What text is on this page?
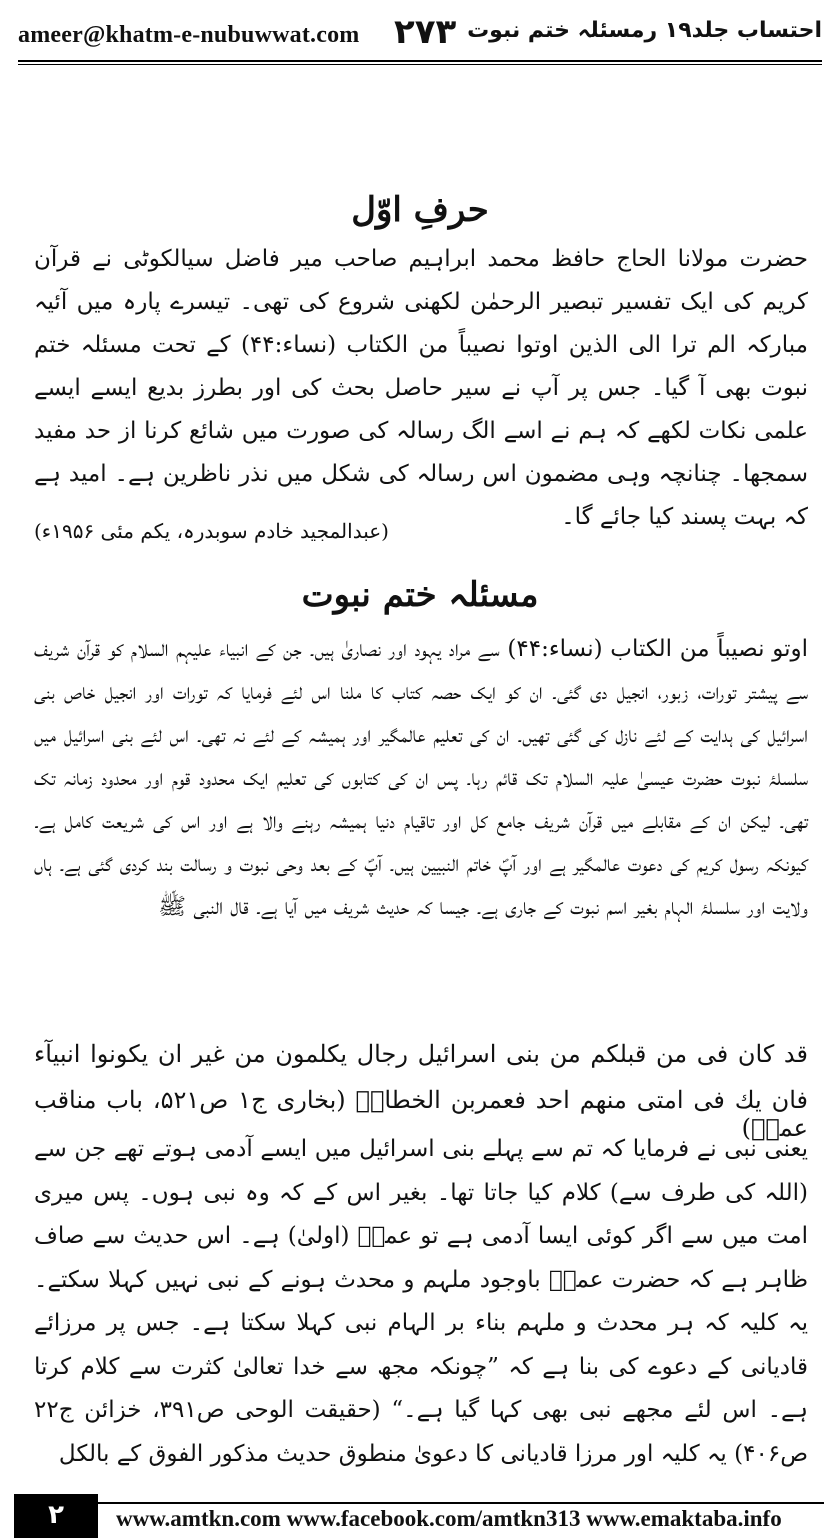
ameer@khatm-e-nubuwwat.com ۲۷۳ احتساب جلد۱۹ رمسئلہ ختم نبوت
حرفِ اوّل
حضرت مولانا الحاج حافظ محمد ابراہیم صاحب میر فاضل سیالکوٹی نے قرآن کریم کی ایک تفسیر تبصیر الرحمٰن لکھنی شروع کی تھی۔ تیسرے پارہ میں آئیہ مبارکہ الم ترا الی الذین اوتوا نصیباً من الکتاب (نساء:۴۴) کے تحت مسئلہ ختم نبوت بھی آ گیا۔ جس پر آپ نے سیر حاصل بحث کی اور بطرز بدیع ایسے ایسے علمی نکات لکھے کہ ہم نے اسے الگ رسالہ کی صورت میں شائع کرنا از حد مفید سمجھا۔ چنانچہ وہی مضمون اس رسالہ کی شکل میں نذر ناظرین ہے۔ امید ہے کہ بہت پسند کیا جائے گا۔
(عبدالمجید خادم سوبدرہ، یکم مئی ۱۹۵۶ء)
مسئلہ ختم نبوت
اوتو نصیباً من الکتاب (نساء:۴۴) سے مراد یہود اور نصاریٰ ہیں۔ جن کے انبیاء علیہم السلام کو قرآن شریف سے پیشتر تورات، زبور، انجیل دی گئی۔ ان کو ایک حصہ کتاب کا ملنا اس لئے فرمایا کہ تورات اور انجیل خاص بنی اسرائیل کی ہدایت کے لئے نازل کی گئی تھیں۔ ان کی تعلیم عالمگیر اور ہمیشہ کے لئے نہ تھی۔ اس لئے بنی اسرائیل میں سلسلۂ نبوت حضرت عیسیٰ علیہ السلام تک قائم رہا۔ پس ان کی کتابوں کی تعلیم ایک محدود قوم اور محدود زمانہ تک تھی۔ لیکن ان کے مقابلے میں قرآن شریف جامع کل اور تاقیام دنیا ہمیشہ رہنے والا ہے اور اس کی شریعت کامل ہے۔ کیونکہ رسول کریم کی دعوت عالمگیر ہے اور آپؐ خاتم النبیین ہیں۔ آپؐ کے بعد وحی نبوت و رسالت بند کردی گئی ہے۔ ہاں ولایت اور سلسلۂ الہام بغیر اسم نبوت کے جاری ہے۔ جیسا کہ حدیث شریف میں آیا ہے۔ قال النبی ﷺ
قد کان فی من قبلکم من بنی اسرائیل رجال یکلمون من غیر ان یکونوا انبیآء
فان یك فی امتی منهم احد فعمربن الخطابؓ (بخاری ج۱ ص۵۲۱، باب مناقب عمرؓ)
یعنی نبی نے فرمایا کہ تم سے پہلے بنی اسرائیل میں ایسے آدمی ہوتے تھے جن سے (اللہ کی طرف سے) کلام کیا جاتا تھا۔ بغیر اس کے کہ وہ نبی ہوں۔ پس میری امت میں سے اگر کوئی ایسا آدمی ہے تو عمرؓ (اولیٰ) ہے۔ اس حدیث سے صاف ظاہر ہے کہ حضرت عمرؓ باوجود ملہم و محدث ہونے کے نبی نہیں کہلا سکتے۔ یہ کلیہ کہ ہر محدث و ملہم بناء بر الہام نبی کہلا سکتا ہے۔ جس پر مرزائے قادیانی کے دعوے کی بنا ہے کہ ”چونکہ مجھ سے خدا تعالیٰ کثرت سے کلام کرتا ہے۔ اس لئے مجھے نبی بھی کہا گیا ہے۔“ (حقیقت الوحی ص۳۹۱، خزائن ج۲۲ ص۴۰۶) یہ کلیہ اور مرزا قادیانی کا دعویٰ منطوق حدیث مذکور الفوق کے بالکل
۲	www.amtkn.com www.facebook.com/amtkn313 www.emaktaba.info
